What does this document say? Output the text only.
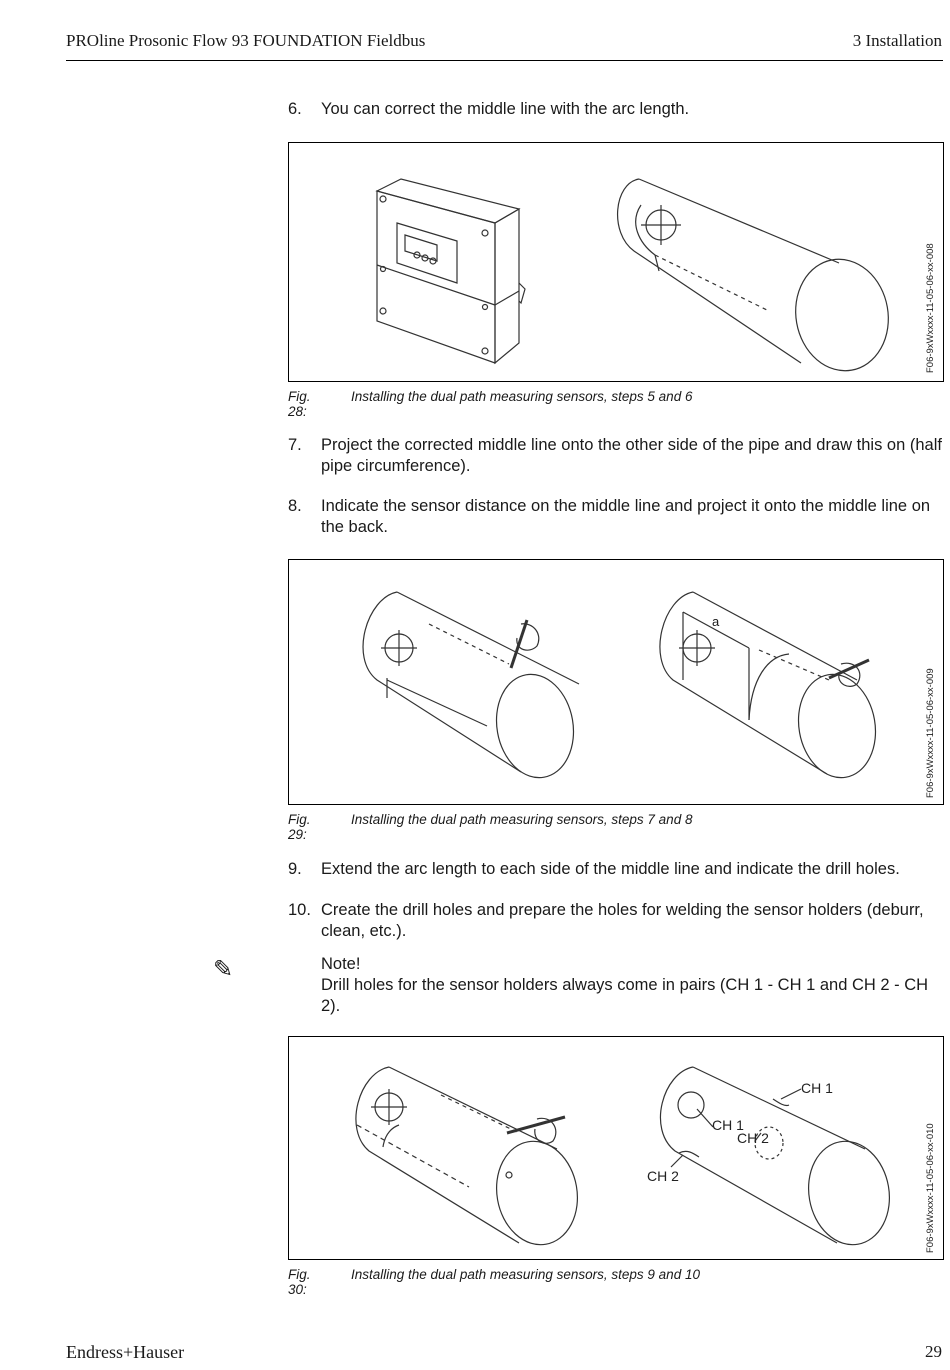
PROline Prosonic Flow 93 FOUNDATION Fieldbus	3 Installation
6. You can correct the middle line with the arc length.
F06-9xWxxxx-11-05-06-xx-008
Fig. 28:
Installing the dual path measuring sensors, steps 5 and 6
7. Project the corrected middle line onto the other side of the pipe and draw this on (half pipe circumference).
8. Indicate the sensor distance on the middle line and project it onto the middle line on the back.
F06-9xWxxxx-11-05-06-xx-009
Fig. 29:
Installing the dual path measuring sensors, steps 7 and 8
9. Extend the arc length to each side of the middle line and indicate the drill holes.
10. Create the drill holes and prepare the holes for welding the sensor holders (deburr, clean, etc.).
✎	Note!
Drill holes for the sensor holders always come in pairs (CH 1 - CH 1 and CH 2 - CH 2).
CH 1
CH 1
CH 2
CH 2	F06-9xWxxxx-11-05-06-xx-010
a
Fig. 30:
Installing the dual path measuring sensors, steps 9 and 10
Endress+Hauser	29
